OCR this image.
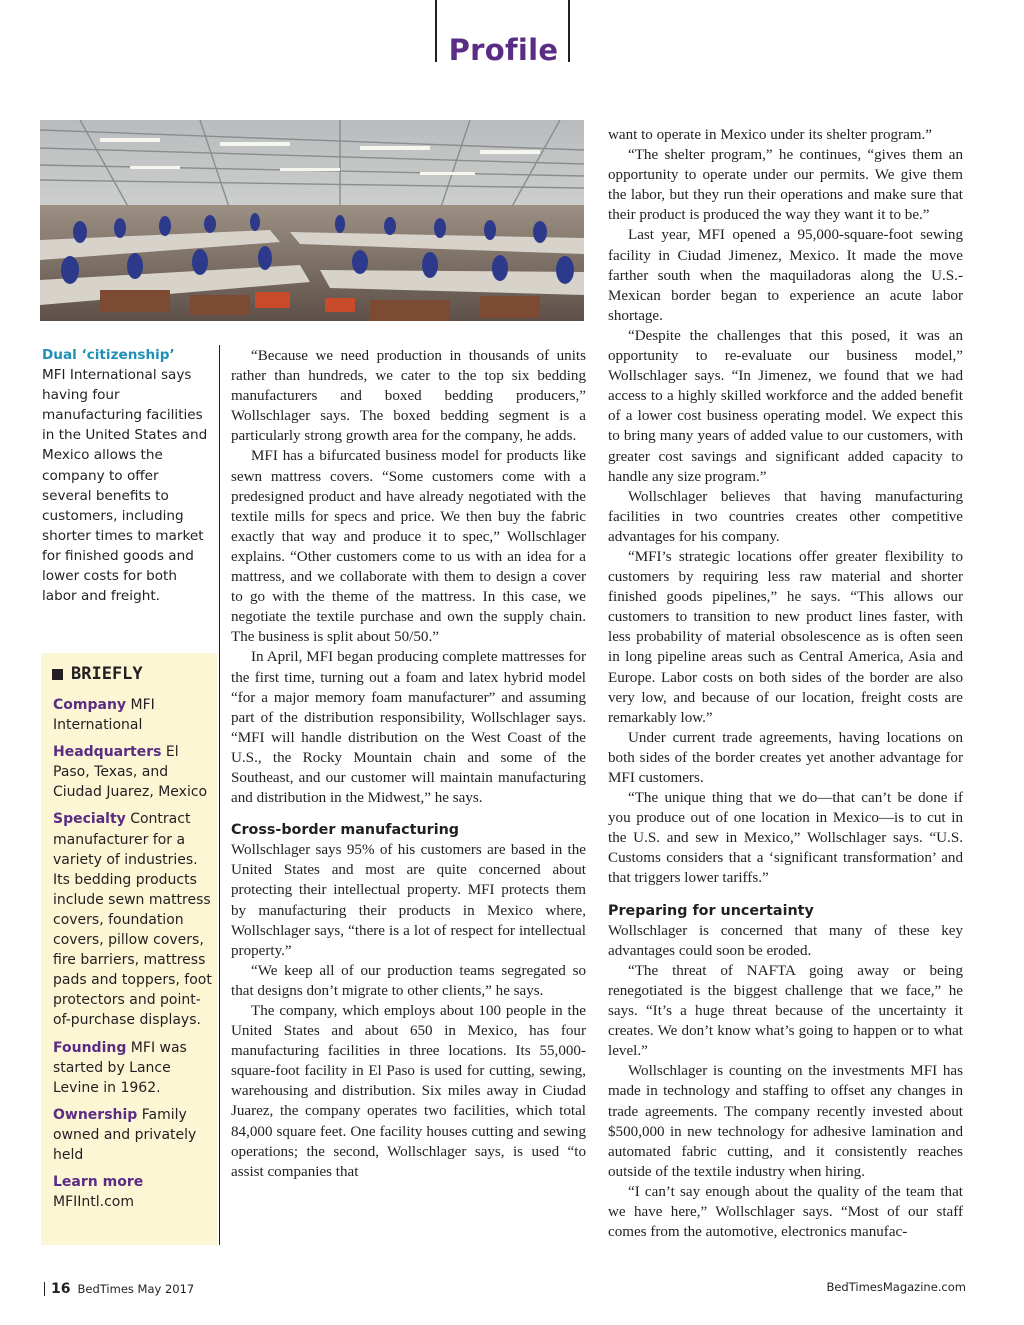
Profile
Dual ‘citizenship’
MFI International says having four manufacturing facilities in the United States and Mexico allows the company to offer several benefits to customers, including shorter times to market for finished goods and lower costs for both labor and freight.
BRIEFLY
Company MFI International
Headquarters El Paso, Texas, and Ciudad Juarez, Mexico
Specialty Contract manufacturer for a variety of industries. Its bedding products include sewn mattress covers, foundation covers, pillow covers, fire barriers, mattress pads and toppers, foot protectors and point-of-purchase displays.
Founding MFI was started by Lance Levine in 1962.
Ownership Family owned and privately held
Learn more
MFIIntl.com

“Because we need production in thousands of units rather than hundreds, we cater to the top six bedding manufacturers and boxed bedding producers,” Wollschlager says. The boxed bedding segment is a particularly strong growth area for the company, he adds.

MFI has a bifurcated business model for products like sewn mattress covers. “Some customers come with a predesigned product and have already negotiated with the textile mills for specs and price. We then buy the fabric exactly that way and produce it to spec,” Wollschlager explains. “Other customers come to us with an idea for a mattress, and we collaborate with them to design a cover to go with the theme of the mattress. In this case, we negotiate the textile purchase and own the supply chain. The business is split about 50/50.”

In April, MFI began producing complete mattresses for the first time, turning out a foam and latex hybrid model “for a major memory foam manufacturer” and assuming part of the distribution responsibility, Wollschlager says. “MFI will handle distribution on the West Coast of the U.S., the Rocky Mountain chain and some of the Southeast, and our customer will maintain manufacturing and distribution in the Midwest,” he says.

Cross-border manufacturing

Wollschlager says 95% of his customers are based in the United States and most are quite concerned about protecting their intellectual property. MFI protects them by manufacturing their products in Mexico where, Wollschlager says, “there is a lot of respect for intellectual property.”

“We keep all of our production teams segregated so that designs don’t migrate to other clients,” he says.

The company, which employs about 100 people in the United States and about 650 in Mexico, has four manufacturing facilities in three locations. Its 55,000-square-foot facility in El Paso is used for cutting, sewing, warehousing and distribution. Six miles away in Ciudad Juarez, the company operates two facilities, which total 84,000 square feet. One facility houses cutting and sewing operations; the second, Wollschlager says, is used “to assist companies that

want to operate in Mexico under its shelter program.”

“The shelter program,” he continues, “gives them an opportunity to operate under our permits. We give them the labor, but they run their operations and make sure that their product is produced the way they want it to be.”

Last year, MFI opened a 95,000-square-foot sewing facility in Ciudad Jimenez, Mexico. It made the move farther south when the maquiladoras along the U.S.-Mexican border began to experience an acute labor shortage.

“Despite the challenges that this posed, it was an opportunity to re-evaluate our business model,” Wollschlager says. “In Jimenez, we found that we had access to a highly skilled workforce and the added benefit of a lower cost business operating model. We expect this to bring many years of added value to our customers, with greater cost savings and significant added capacity to handle any size program.”

Wollschlager believes that having manufacturing facilities in two countries creates other competitive advantages for his company.

“MFI’s strategic locations offer greater flexibility to customers by requiring less raw material and shorter finished goods pipelines,” he says. “This allows our customers to transition to new product lines faster, with less probability of material obsolescence as is often seen in long pipeline areas such as Central America, Asia and Europe. Labor costs on both sides of the border are also very low, and because of our location, freight costs are remarkably low.”

Under current trade agreements, having locations on both sides of the border creates yet another advantage for MFI customers.

“The unique thing that we do—that can’t be done if you produce out of one location in Mexico—is to cut in the U.S. and sew in Mexico,” Wollschlager says. “U.S. Customs considers that a ‘significant transformation’ and that triggers lower tariffs.”

Preparing for uncertainty

Wollschlager is concerned that many of these key advantages could soon be eroded.

“The threat of NAFTA going away or being renegotiated is the biggest challenge that we face,” he says. “It’s a huge threat because of the uncertainty it creates. We don’t know what’s going to happen or to what level.”

Wollschlager is counting on the investments MFI has made in technology and staffing to offset any changes in trade agreements. The company recently invested about $500,000 in new technology for adhesive lamination and automated fabric cutting, and it consistently reaches outside of the textile industry when hiring.

“I can’t say enough about the quality of the team that we have here,” Wollschlager says. “Most of our staff comes from the automotive, electronics manufac-

16 BedTimes
May 2017	BedTimesMagazine.com
